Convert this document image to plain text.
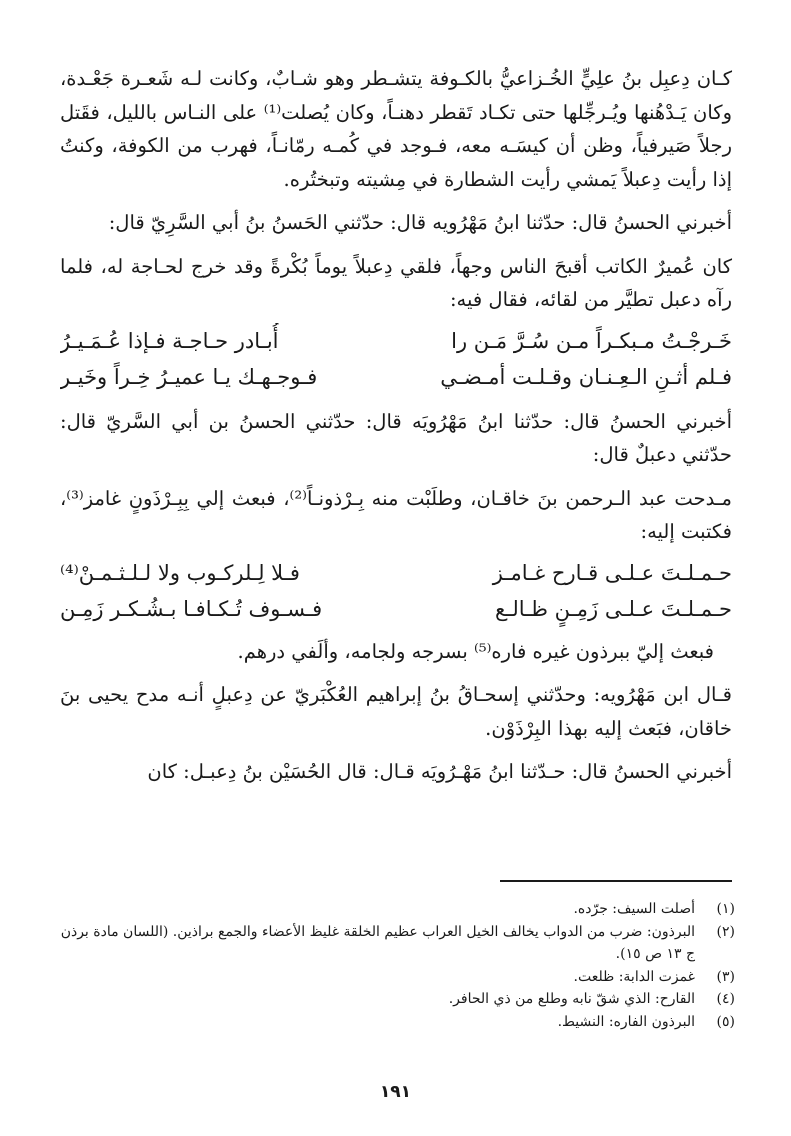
كـان دِعبِل بنُ علِيٍّ الخُـزاعيُّ بالكـوفة يتشـطر وهو شـابٌ، وكانت لـه شَعـرة جَعْـدة، وكان يَـدْهُنها ويُـرجِّلها حتى تكـاد تَقطر دهنـاً، وكان يُصلت⁽¹⁾ على النـاس بالليل، فقَتل رجلاً صَيرفياً، وظن أن كيسَـه معه، فـوجد في كُمـه رمّانـاً، فهرب من الكوفة، وكنتُ إذا رأيت دِعبلاً يَمشي رأيت الشطارة في مِشيته وتبختُره.

أخبرني الحسنُ قال: حدّثنا ابنُ مَهْرُويه قال: حدّثني الحَسنُ بنُ أبي السَّرِيّ قال:

كان عُميرٌ الكاتب أقبحَ الناس وجهاً، فلقي دِعبلاً يوماً بُكْرةً وقد خرج لحـاجة له، فلما رآه دعبل تطيَّر من لقائه، فقال فيه:

خَـرجْـتُ مـبكـراً مـن سُـرَّ مَـن را
أُبـادر حـاجـة فـإذا عُـمَـيـرُ
فـلم أثـنِ الـعِـنـان وقـلـت أمـضـي
فـوجـهـك يـا عميـرُ خِـراً وخَيـر

أخبرني الحسنُ قال: حدّثنا ابنُ مَهْرُويَه قال: حدّثني الحسنُ بن أبي السَّريّ قال: حدّثني دعبلٌ قال:

مـدحت عبد الـرحمن بنَ خاقـان، وطلَبْت منه بِـرْذونـاً⁽²⁾، فبعث إلي بِبِـرْذَونٍ غامز⁽³⁾، فكتبت إليه:

حـمـلـتَ عـلـى قـارح غـامـز
فـلا لِـلركـوب ولا لـلـثـمـنْ⁽⁴⁾
حـمـلـتَ عـلـى زَمِـنٍ ظـالـع
فـسـوف تُـكـافـا بـشُـكـر زَمِـن

فبعث إليّ ببرذون غيره فاره⁽⁵⁾ بسرجه ولجامه، وألَفي درهم.

قـال ابن مَهْرُويه: وحدّثني إسحـاقُ بنُ إبراهيم العُكْبَريّ عن دِعبلٍ أنـه مدح يحيى بنَ خاقان، فبَعث إليه بهذا البِرْذَوْن.

أخبرني الحسنُ قال: حـدّثنا ابنُ مَهْـرُويَه قـال: قال الحُسَيْن بنُ دِعبـل: كان

(١)
أصلت السيف: جرّده.
(٢)
البرذون: ضرب من الدواب يخالف الخيل العراب عظيم الخلقة غليظ الأعضاء والجمع براذين. (اللسان مادة برذن ج ١٣ ص ١٥).
(٣)
غمزت الدابة: ظلعت.
(٤)
القارح: الذي شقّ نابه وطلع من ذي الحافر.
(٥)
البرذون الفاره: النشيط.
١٩١
